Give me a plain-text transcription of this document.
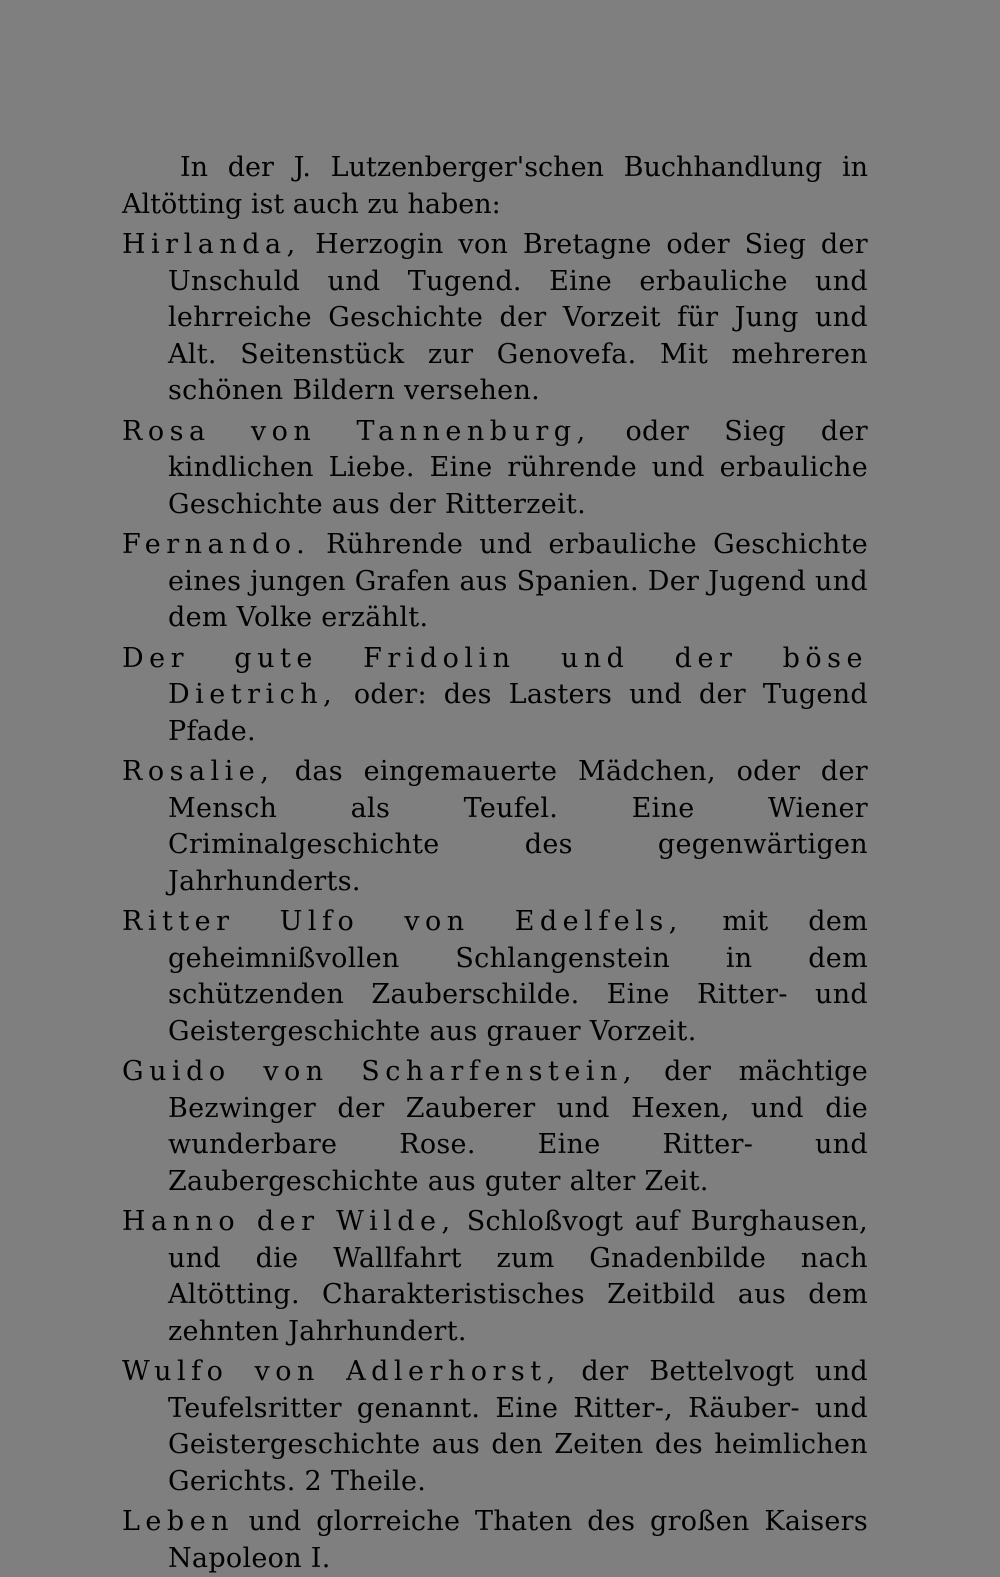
In der J. Lutzenberger'schen Buchhandlung in Altötting ist auch zu haben:

Hirlanda, Herzogin von Bretagne oder Sieg der Unschuld und Tugend. Eine erbauliche und lehrreiche Geschichte der Vorzeit für Jung und Alt. Seitenstück zur Genovefa. Mit mehreren schönen Bildern versehen.

Rosa von Tannenburg, oder Sieg der kindlichen Liebe. Eine rührende und erbauliche Geschichte aus der Ritterzeit.

Fernando. Rührende und erbauliche Geschichte eines jungen Grafen aus Spanien. Der Jugend und dem Volke erzählt.

Der gute Fridolin und der böse Dietrich, oder: des Lasters und der Tugend Pfade.

Rosalie, das eingemauerte Mädchen, oder der Mensch als Teufel. Eine Wiener Criminalgeschichte des gegenwärtigen Jahrhunderts.

Ritter Ulfo von Edelfels, mit dem geheimnißvollen Schlangenstein in dem schützenden Zauberschilde. Eine Ritter- und Geistergeschichte aus grauer Vorzeit.

Guido von Scharfenstein, der mächtige Bezwinger der Zauberer und Hexen, und die wunderbare Rose. Eine Ritter- und Zaubergeschichte aus guter alter Zeit.

Hanno der Wilde, Schloßvogt auf Burghausen, und die Wallfahrt zum Gnadenbilde nach Altötting. Charakteristisches Zeitbild aus dem zehnten Jahrhundert.

Wulfo von Adlerhorst, der Bettelvogt und Teufelsritter genannt. Eine Ritter-, Räuber- und Geistergeschichte aus den Zeiten des heimlichen Gerichts. 2 Theile.

Leben und glorreiche Thaten des großen Kaisers Napoleon I.
